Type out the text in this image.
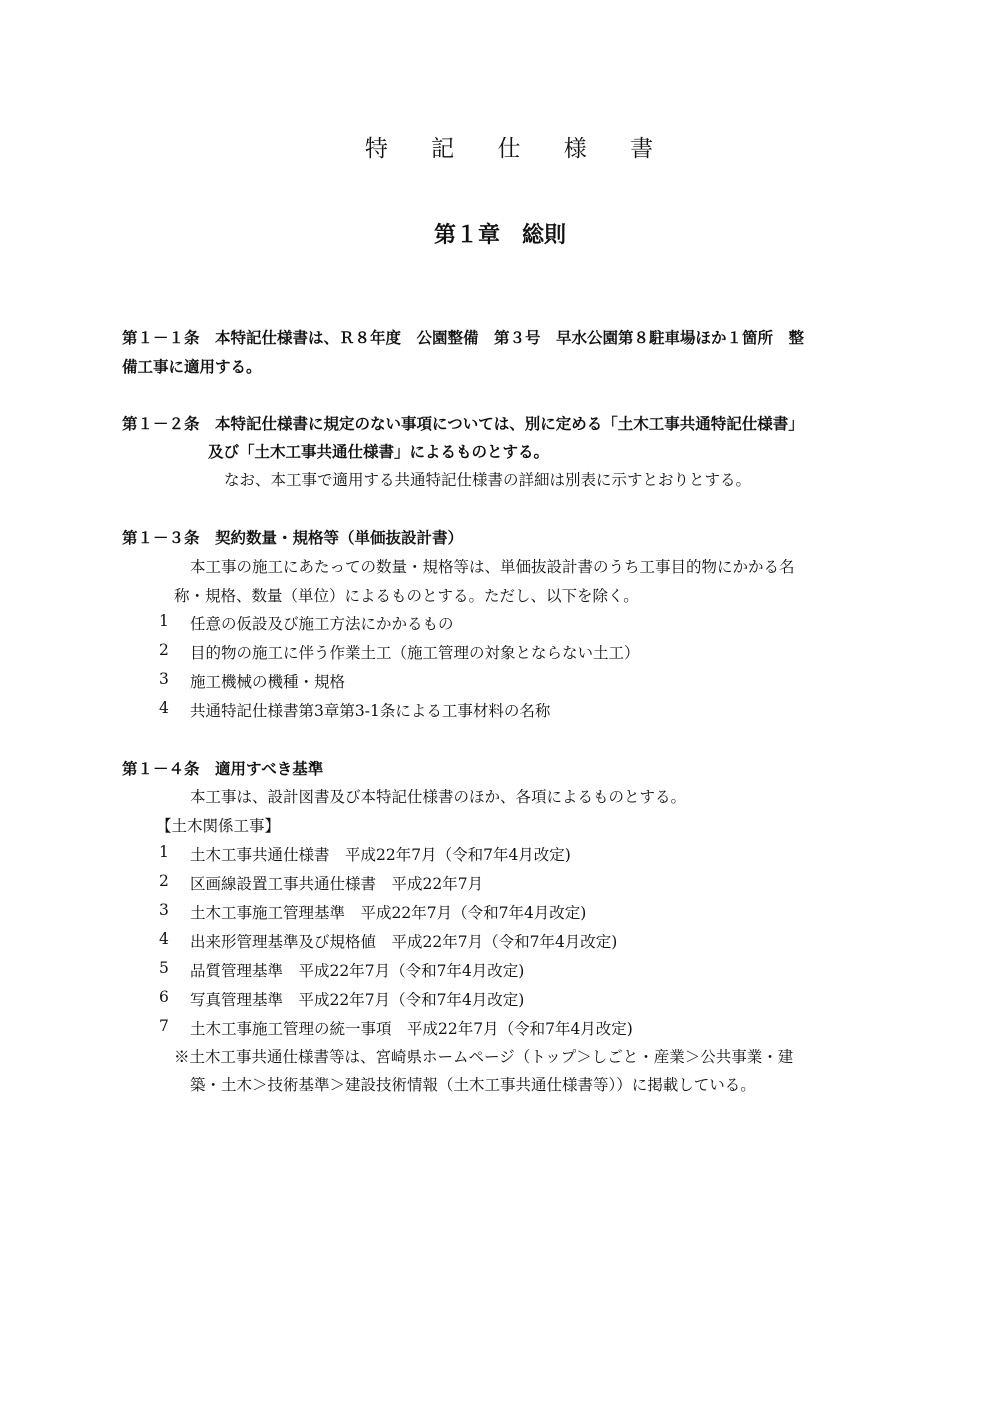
特 記 仕 様 書
第１章　総則
第１－１条　本特記仕様書は、Ｒ８年度　公園整備　第３号　早水公園第８駐車場ほか１箇所　整
備工事に適用する。
第１－２条　本特記仕様書に規定のない事項については、別に定める「土木工事共通特記仕様書」
及び「土木工事共通仕様書」によるものとする。
なお、本工事で適用する共通特記仕様書の詳細は別表に示すとおりとする。
第１－３条　契約数量・規格等（単価抜設計書）
本工事の施工にあたっての数量・規格等は、単価抜設計書のうち工事目的物にかかる名
称・規格、数量（単位）によるものとする。ただし、以下を除く。
1 任意の仮設及び施工方法にかかるもの
2 目的物の施工に伴う作業土工（施工管理の対象とならない土工）
3 施工機械の機種・規格
4 共通特記仕様書第3章第3-1条による工事材料の名称
第１－４条　適用すべき基準
本工事は、設計図書及び本特記仕様書のほか、各項によるものとする。
【土木関係工事】
1 土木工事共通仕様書　平成22年7月（令和7年4月改定)
2 区画線設置工事共通仕様書　平成22年7月
3 土木工事施工管理基準　平成22年7月（令和7年4月改定)
4 出来形管理基準及び規格値　平成22年7月（令和7年4月改定)
5 品質管理基準　平成22年7月（令和7年4月改定)
6 写真管理基準　平成22年7月（令和7年4月改定)
7 土木工事施工管理の統一事項　平成22年7月（令和7年4月改定)
※土木工事共通仕様書等は、宮崎県ホームページ（トップ＞しごと・産業＞公共事業・建
築・土木＞技術基準＞建設技術情報（土木工事共通仕様書等））に掲載している。
